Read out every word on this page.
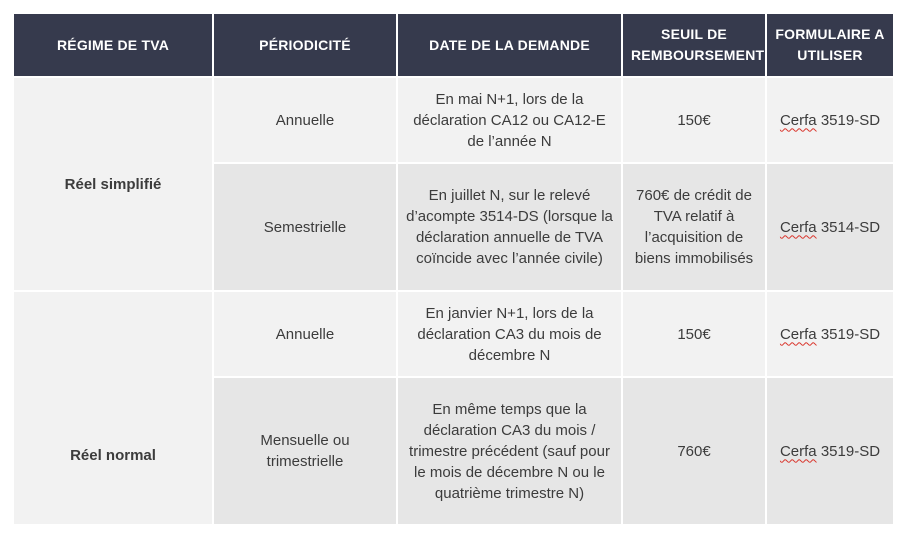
RÉGIME DE TVA	PÉRIODICITÉ	DATE DE LA DEMANDE	SEUIL DE REMBOURSEMENT	FORMULAIRE A UTILISER
Réel simplifié	Annuelle	En mai N+1, lors de la déclaration CA12 ou CA12-E de l’année N	150€	Cerfa 3519-SD
	Semestrielle	En juillet N, sur le relevé d’acompte 3514-DS (lorsque la déclaration annuelle de TVA coïncide avec l’année civile)	760€ de crédit de TVA relatif à l’acquisition de biens immobilisés	Cerfa 3514-SD
Réel normal	Annuelle	En janvier N+1, lors de la déclaration CA3 du mois de décembre N	150€	Cerfa 3519-SD
	Mensuelle ou trimestrielle	En même temps que la déclaration CA3 du mois / trimestre précédent (sauf pour le mois de décembre N ou le quatrième trimestre N)	760€	Cerfa 3519-SD
